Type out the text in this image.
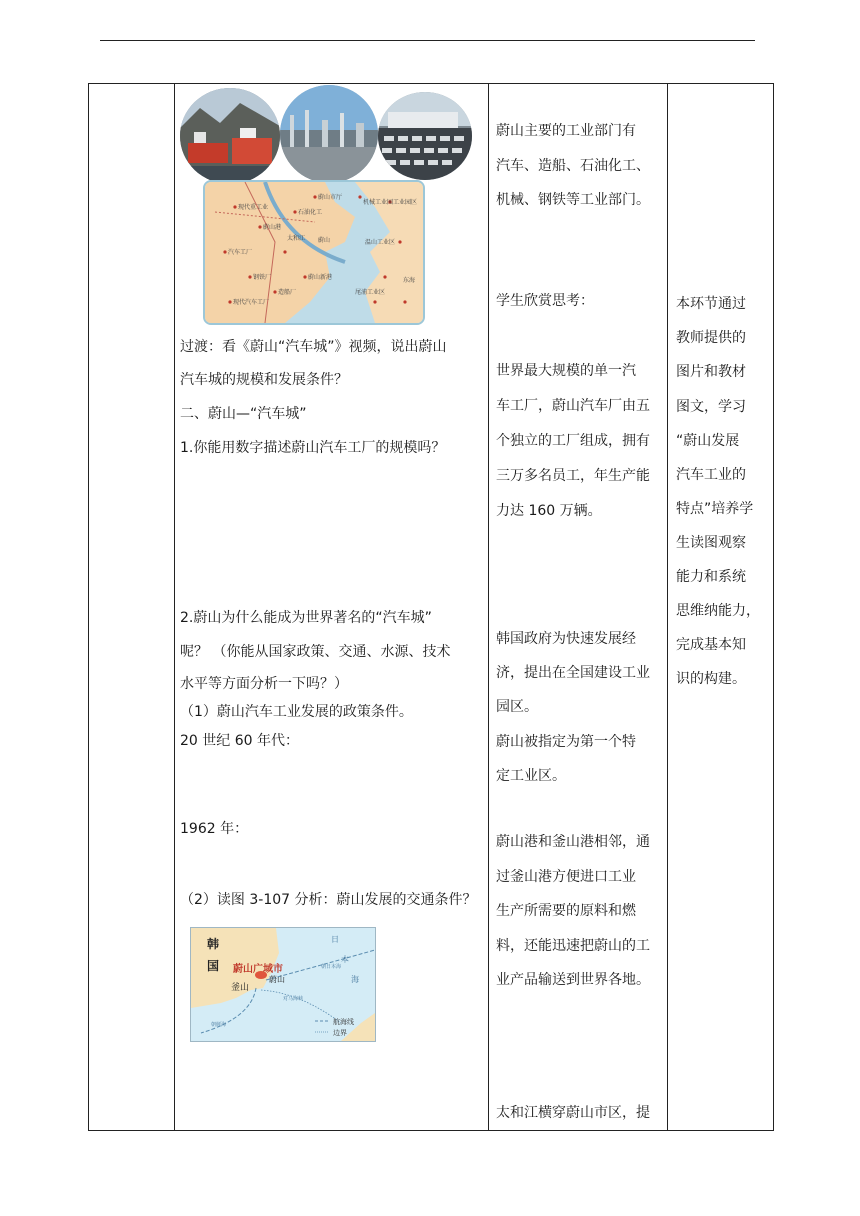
现代重工业
蔚山港
石油化工
汽车工厂
钢铁厂
造船厂
太和江 蔚山
东海
机械工业园 工业园区
蔚山市厅
温山工业区
尾浦工业区
现代汽车工厂
蔚山新港
过渡：看《蔚山“汽车城”》视频，说出蔚山
汽车城的规模和发展条件？
二、蔚山—“汽车城”
1.你能用数字描述蔚山汽车工厂的规模吗？
2.蔚山为什么能成为世界著名的“汽车城”
呢？ （你能从国家政策、交通、水源、技术
水平等方面分析一下吗？）
（1）蔚山汽车工业发展的政策条件。
20 世纪 60 年代：
1962 年：
（2）读图 3-107 分析：蔚山发展的交通条件？
韩
国 蔚山广域市
蔚山
釜山
日
本
海
朝日本海
对马海峡
朝鲜海	航海线
边界
蔚山主要的工业部门有
汽车、造船、石油化工、
机械、钢铁等工业部门。
学生欣赏思考：
世界最大规模的单一汽
车工厂，蔚山汽车厂由五
个独立的工厂组成，拥有
三万多名员工，年生产能
力达 160 万辆。
韩国政府为快速发展经
济，提出在全国建设工业
园区。
蔚山被指定为第一个特
定工业区。
蔚山港和釜山港相邻，通
过釜山港方便进口工业
生产所需要的原料和燃
料，还能迅速把蔚山的工
业产品输送到世界各地。
太和江横穿蔚山市区，提
本环节通过
教师提供的
图片和教材
图文，学习
“蔚山发展
汽车工业的
特点”培养学
生读图观察
能力和系统
思维纳能力，
完成基本知
识的构建。
